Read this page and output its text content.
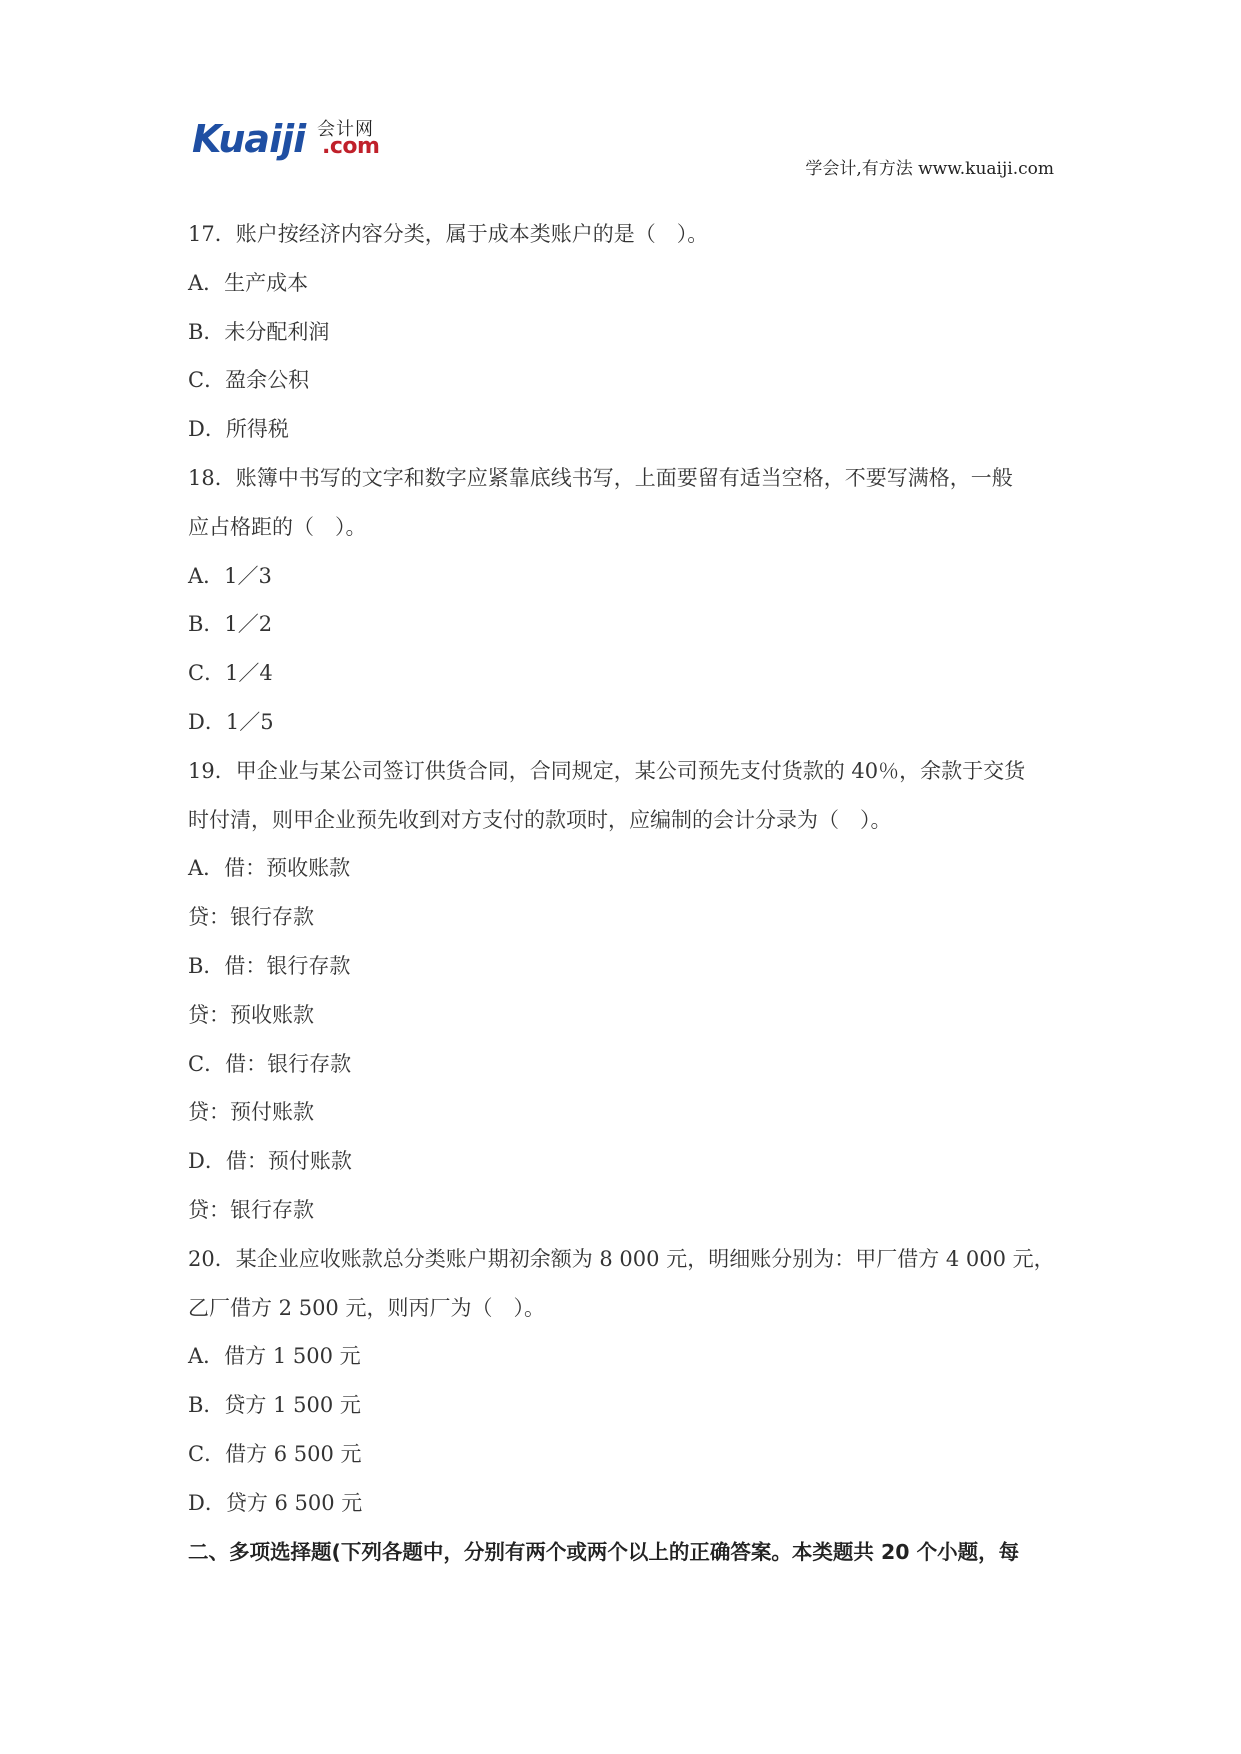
Kuaiji 会计网
.com
学会计,有方法 www.kuaiji.com
17．账户按经济内容分类，属于成本类账户的是（　）。
A．生产成本
B．未分配利润
C．盈余公积
D．所得税
18．账簿中书写的文字和数字应紧靠底线书写，上面要留有适当空格，不要写满格，一般
应占格距的（　）。
A．1／3
B．1／2
C．1／4
D．1／5
19．甲企业与某公司签订供货合同，合同规定，某公司预先支付货款的 40％，余款于交货
时付清，则甲企业预先收到对方支付的款项时，应编制的会计分录为（　）。
A．借：预收账款
贷：银行存款
B．借：银行存款
贷：预收账款
C．借：银行存款
贷：预付账款
D．借：预付账款
贷：银行存款
20．某企业应收账款总分类账户期初余额为 8 000 元，明细账分别为：甲厂借方 4 000 元，
乙厂借方 2 500 元，则丙厂为（　）。
A．借方 1 500 元
B．贷方 1 500 元
C．借方 6 500 元
D．贷方 6 500 元
二、多项选择题(下列各题中，分别有两个或两个以上的正确答案。本类题共 20 个小题，每
